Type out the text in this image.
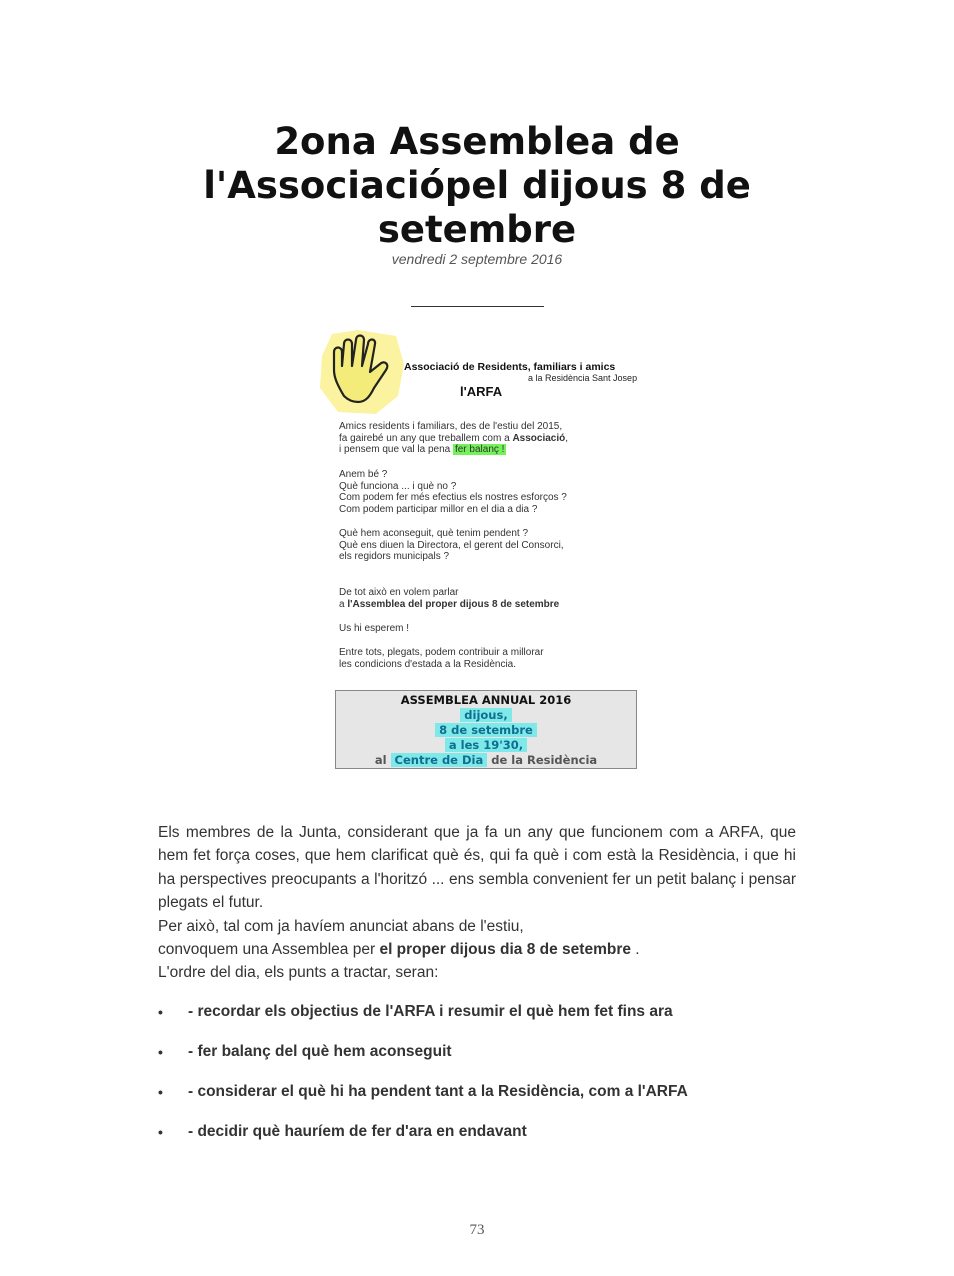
2ona Assemblea de l'Associaciópel dijous 8 de setembre
vendredi 2 septembre 2016
Associació de Residents, familiars i amics
a la Residència Sant Josep
l'ARFA
Amics residents i familiars, des de l'estiu del 2015,
fa gairebé un any que treballem com a Associació,
i pensem que val la pena fer balanç !
Anem bé ?
Què funciona ... i què no ?
Com podem fer més efectius els nostres esforços ?
Com podem participar millor en el dia a dia ?
Què hem aconseguit, què tenim pendent ?
Què ens diuen la Directora, el gerent del Consorci,
els regidors municipals ?
De tot això en volem parlar
a l'Assemblea del proper dijous 8 de setembre
Us hi esperem !
Entre tots, plegats, podem contribuir a millorar
les condicions d'estada a la Residència.
ASSEMBLEA ANNUAL 2016
dijous,
8 de setembre
a les 19'30,
al Centre de Dia de la Residència
Els membres de la Junta, considerant que ja fa un any que funcionem com a ARFA, que hem fet força coses, que hem clarificat què és, qui fa què i com està la Residència, i que hi ha perspectives preocupants a l'horitzó ... ens sembla convenient fer un petit balanç i pensar plegats el futur.
Per això, tal com ja havíem anunciat abans de l'estiu,
convoquem una Assemblea per el proper dijous dia 8 de setembre .
L'ordre del dia, els punts a tractar, seran:
• - recordar els objectius de l'ARFA i resumir el què hem fet fins ara
• - fer balanç del què hem aconseguit
• - considerar el què hi ha pendent tant a la Residència, com a l'ARFA
• - decidir què hauríem de fer d'ara en endavant
73
